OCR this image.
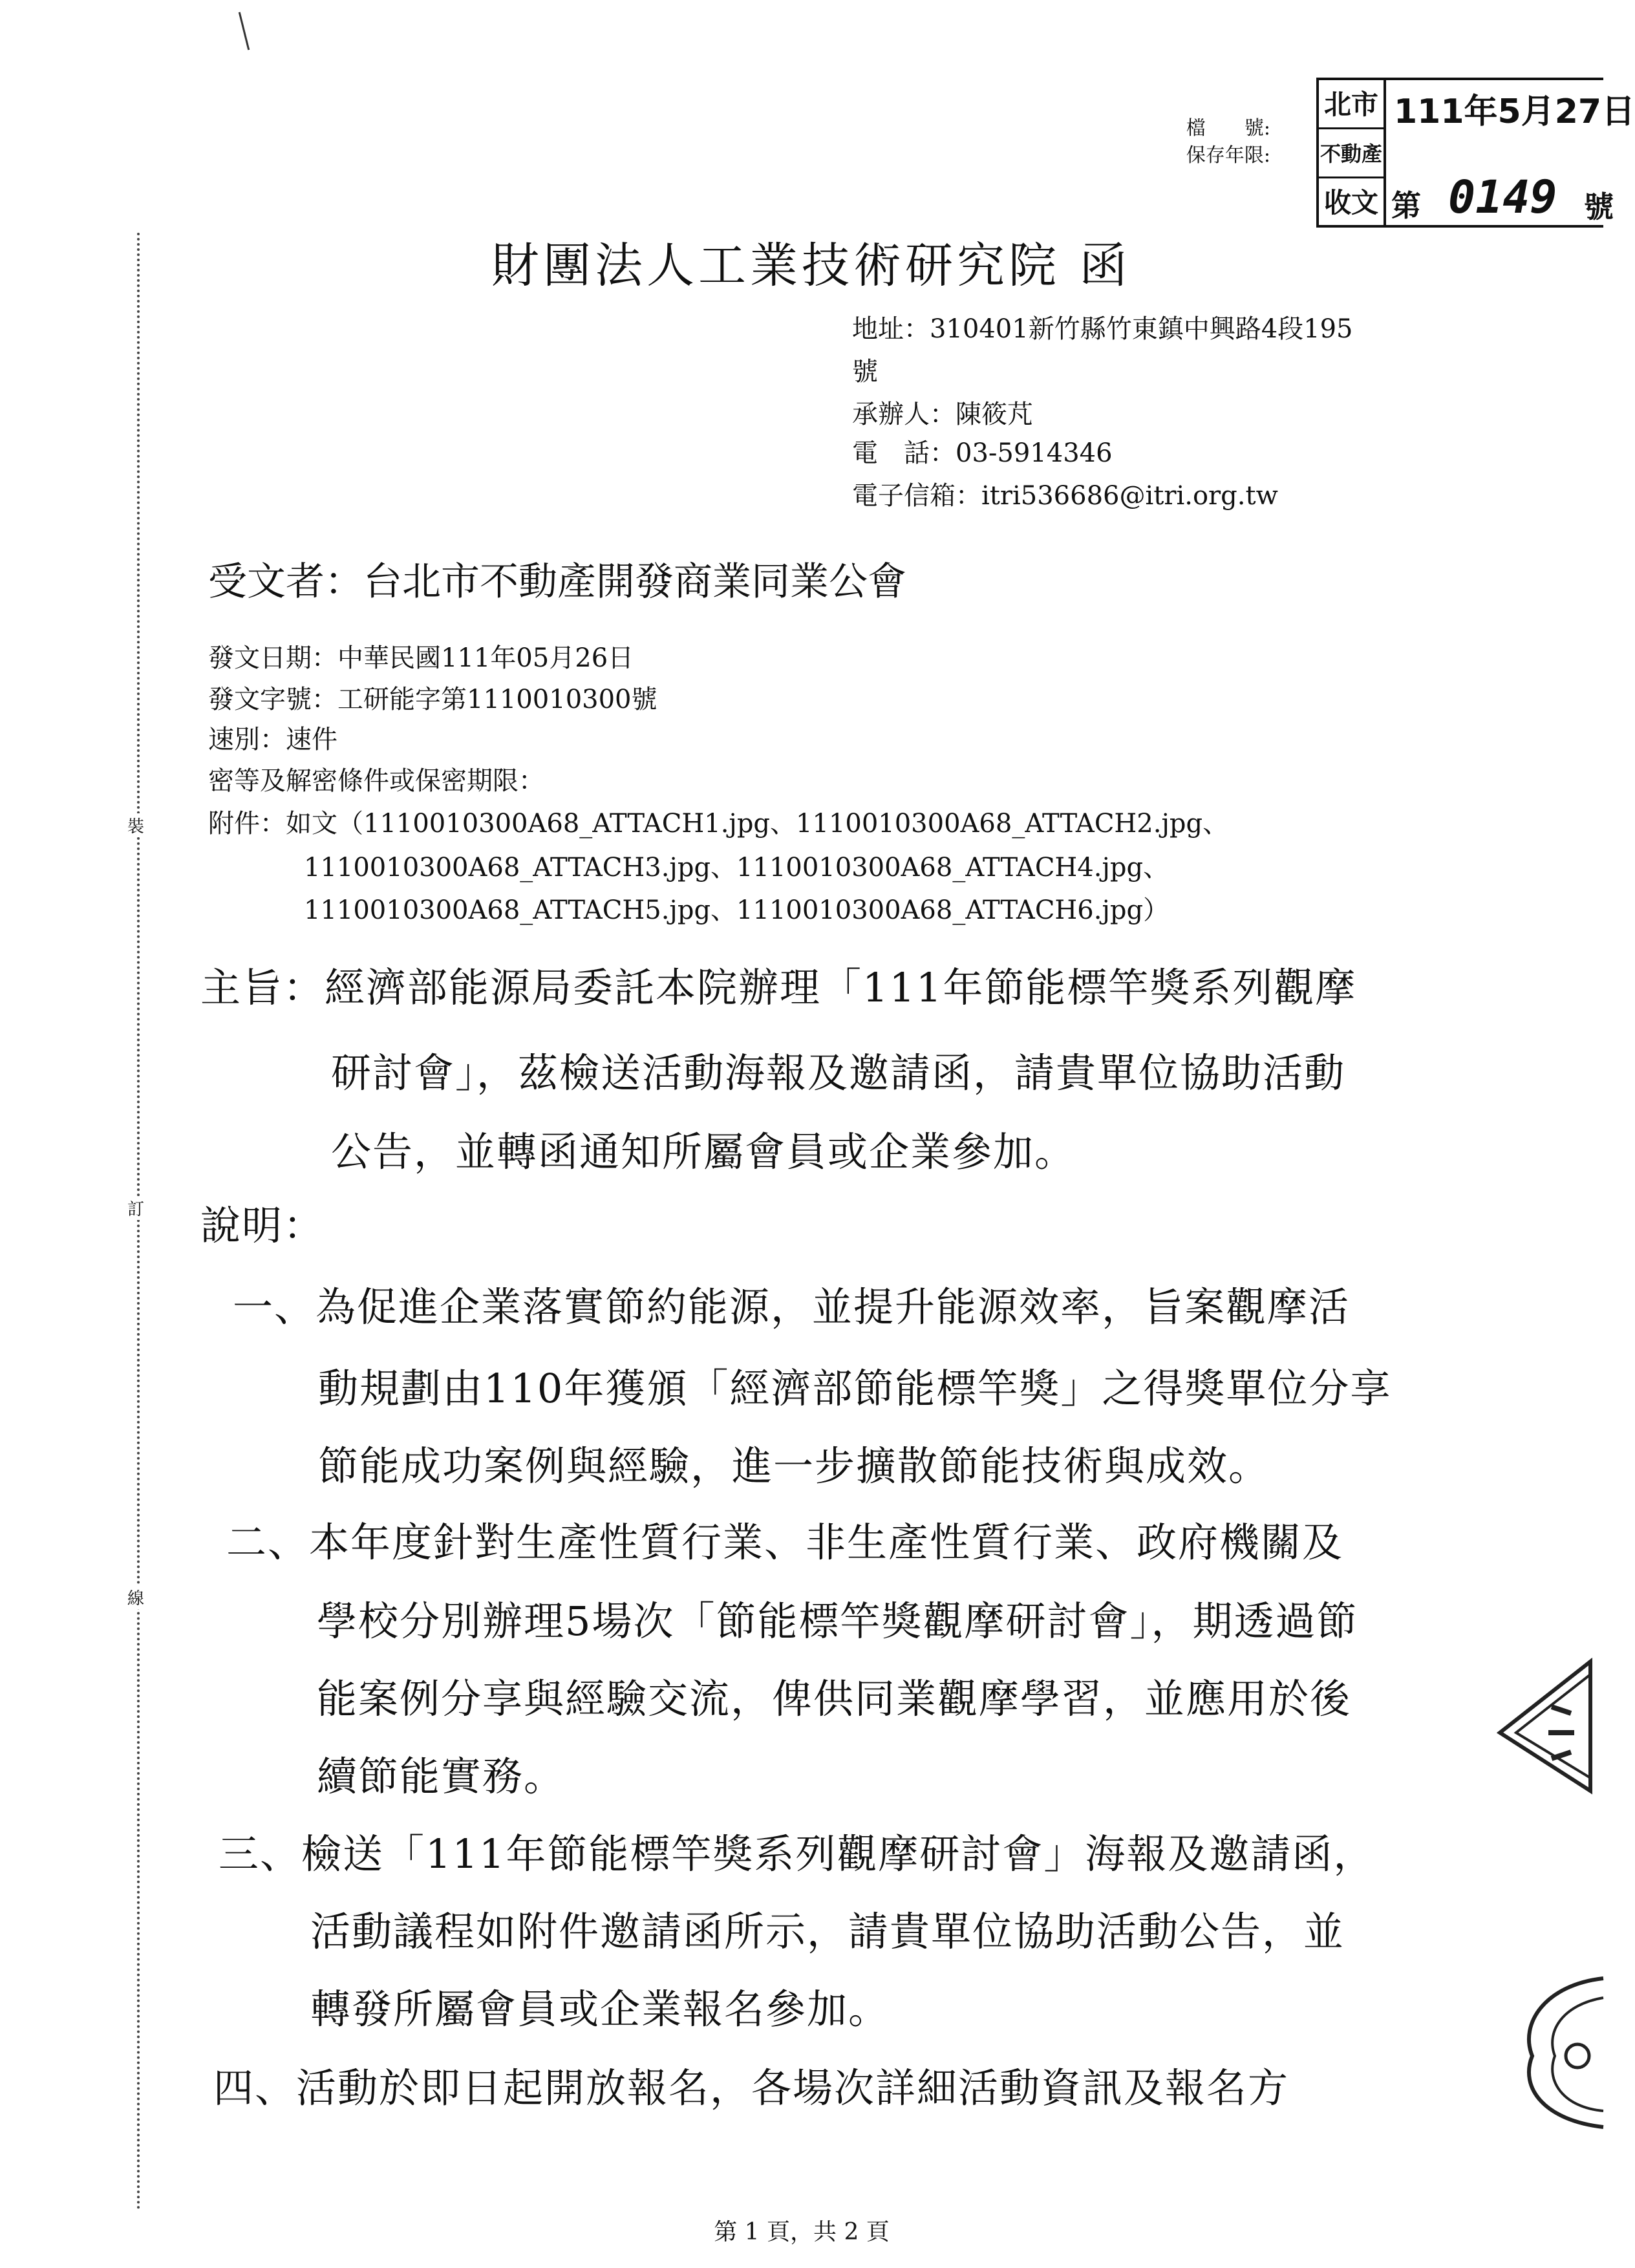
裝
訂
線
檔　　號:
保存年限:
北市
不動產
收文
111年5月27日
第 0149 號
財團法人工業技術研究院 函
地址：310401新竹縣竹東鎮中興路4段195
號
承辦人：陳筱芃
電　話：03-5914346
電子信箱：itri536686@itri.org.tw
受文者：台北市不動產開發商業同業公會
發文日期：中華民國111年05月26日
發文字號：工研能字第1110010300號
速別：速件
密等及解密條件或保密期限：
附件：如文（1110010300A68_ATTACH1.jpg、1110010300A68_ATTACH2.jpg、
1110010300A68_ATTACH3.jpg、1110010300A68_ATTACH4.jpg、
1110010300A68_ATTACH5.jpg、1110010300A68_ATTACH6.jpg）
主旨：經濟部能源局委託本院辦理「111年節能標竿獎系列觀摩
研討會」，茲檢送活動海報及邀請函，請貴單位協助活動
公告，並轉函通知所屬會員或企業參加。
說明：
一、為促進企業落實節約能源，並提升能源效率，旨案觀摩活
動規劃由110年獲頒「經濟部節能標竿獎」之得獎單位分享
節能成功案例與經驗，進一步擴散節能技術與成效。
二、本年度針對生產性質行業、非生產性質行業、政府機關及
學校分別辦理5場次「節能標竿獎觀摩研討會」，期透過節
能案例分享與經驗交流，俾供同業觀摩學習，並應用於後
續節能實務。
三、檢送「111年節能標竿獎系列觀摩研討會」海報及邀請函，
活動議程如附件邀請函所示，請貴單位協助活動公告，並
轉發所屬會員或企業報名參加。
四、活動於即日起開放報名，各場次詳細活動資訊及報名方
第 1 頁，共 2 頁
